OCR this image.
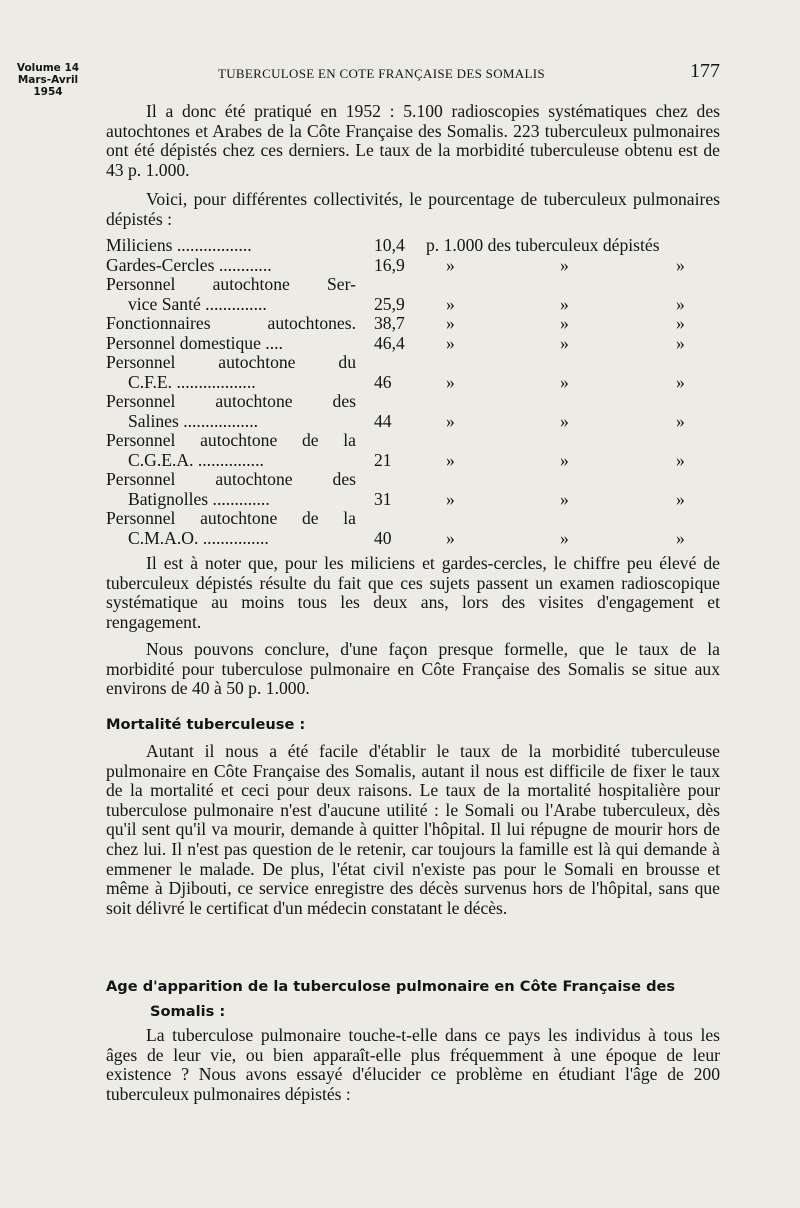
Volume 14
Mars-Avril 1954
TUBERCULOSE EN COTE FRANÇAISE DES SOMALIS	177

Il a donc été pratiqué en 1952 : 5.100 radioscopies systématiques chez des autochtones et Arabes de la Côte Française des Somalis. 223 tuberculeux pulmonaires ont été dépistés chez ces derniers. Le taux de la morbidité tuberculeuse obtenu est de 43 p. 1.000.

Voici, pour différentes collectivités, le pourcentage de tuberculeux pulmonaires dépistés :

Miliciens .................	10,4	p. 1.000 des tuberculeux dépistés
Gardes-Cercles ............	16,9	»	»	»
Personnel autochtone Ser-
vice Santé ..............	25,9	»	»	»
Fonctionnaires autochtones. 38,7	»	»	»
Personnel domestique ....	46,4	»	»	»
Personnel autochtone du
C.F.E. ..................	46	»	»	»
Personnel autochtone des
Salines .................	44	»	»	»
Personnel autochtone de la
C.G.E.A. ...............	21	»	»	»
Personnel autochtone des
Batignolles .............	31	»	»	»
Personnel autochtone de la
C.M.A.O. ...............	40	»	»	»

Il est à noter que, pour les miliciens et gardes-cercles, le chiffre peu élevé de tuberculeux dépistés résulte du fait que ces sujets passent un examen radioscopique systématique au moins tous les deux ans, lors des visites d'engagement et rengagement.

Nous pouvons conclure, d'une façon presque formelle, que le taux de la morbidité pour tuberculose pulmonaire en Côte Française des Somalis se situe aux environs de 40 à 50 p. 1.000.

Mortalité tuberculeuse :

Autant il nous a été facile d'établir le taux de la morbidité tuberculeuse pulmonaire en Côte Française des Somalis, autant il nous est difficile de fixer le taux de la mortalité et ceci pour deux raisons. Le taux de la mortalité hospitalière pour tuberculose pulmonaire n'est d'aucune utilité : le Somali ou l'Arabe tuberculeux, dès qu'il sent qu'il va mourir, demande à quitter l'hôpital. Il lui répugne de mourir hors de chez lui. Il n'est pas question de le retenir, car toujours la famille est là qui demande à emmener le malade. De plus, l'état civil n'existe pas pour le Somali en brousse et même à Djibouti, ce service enregistre des décès survenus hors de l'hôpital, sans que soit délivré le certificat d'un médecin constatant le décès.

Age d'apparition de la tuberculose pulmonaire en Côte Française des
Somalis :

La tuberculose pulmonaire touche-t-elle dans ce pays les individus à tous les âges de leur vie, ou bien apparaît-elle plus fréquemment à une époque de leur existence ? Nous avons essayé d'élucider ce problème en étudiant l'âge de 200 tuberculeux pulmonaires dépistés :
